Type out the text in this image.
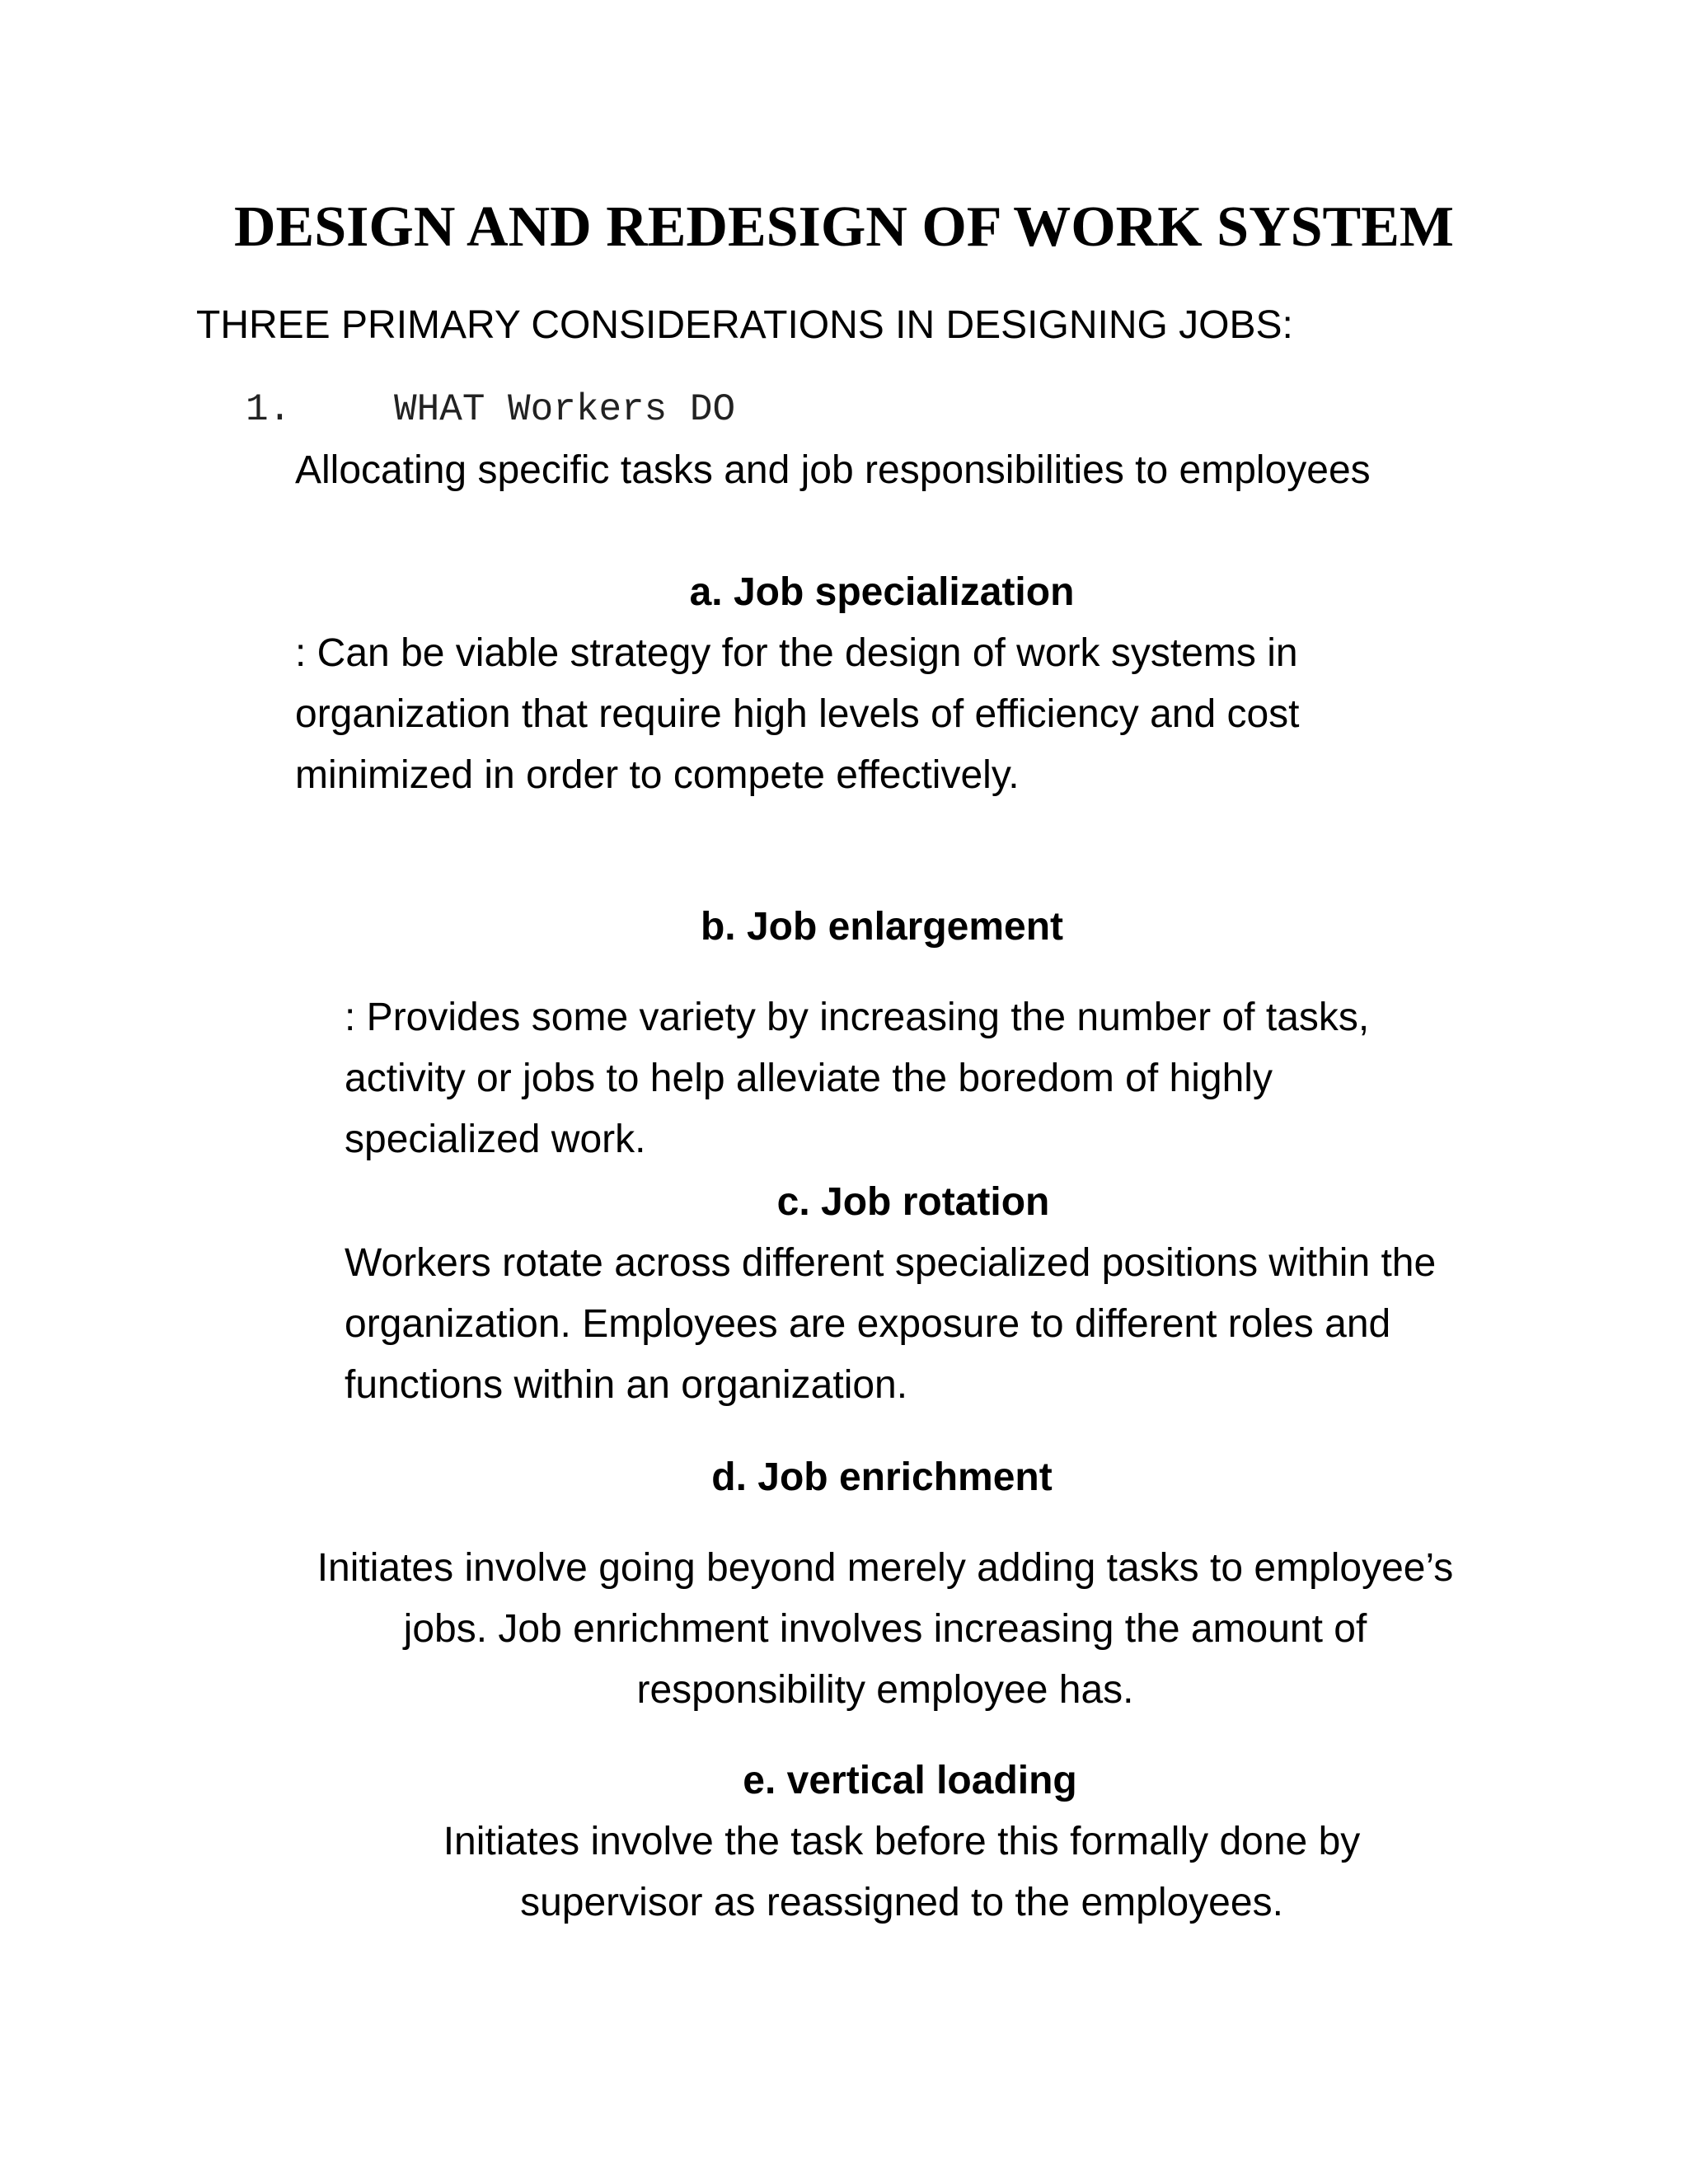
DESIGN AND REDESIGN OF WORK SYSTEM
THREE PRIMARY CONSIDERATIONS IN DESIGNING JOBS:
1.	WHAT Workers DO
Allocating specific tasks and job responsibilities to employees
a. Job specialization

: Can be viable strategy for the design of work systems in

organization that require high levels of efficiency and cost

minimized in order to compete effectively.

b. Job enlargement

: Provides some variety by increasing the number of tasks,

activity or jobs to help alleviate the boredom of highly

specialized work.

c. Job rotation

Workers rotate across different specialized positions within the

organization. Employees are exposure to different roles and

functions within an organization.

d. Job enrichment

Initiates involve going beyond merely adding tasks to employee’s

jobs. Job enrichment involves increasing the amount of

responsibility employee has.

e. vertical loading

Initiates involve the task before this formally done by

supervisor as reassigned to the employees.
